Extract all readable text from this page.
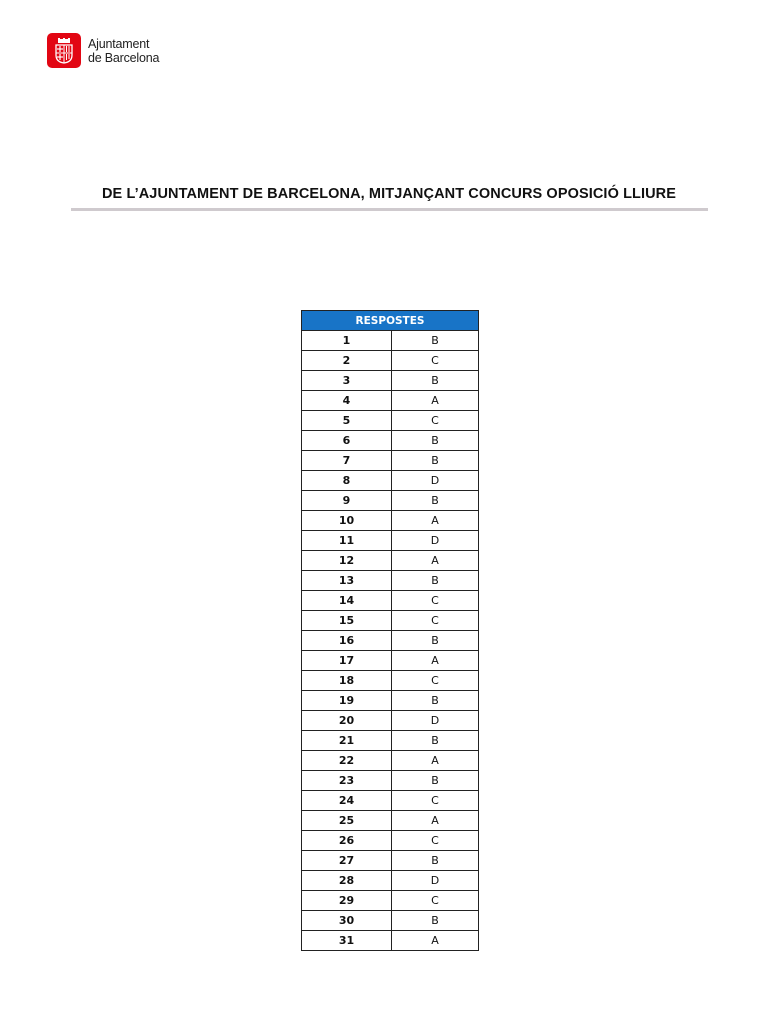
Ajuntament
de Barcelona
DE L’AJUNTAMENT DE BARCELONA, MITJANÇANT CONCURS OPOSICIÓ LLIURE
RESPOSTES	
1	B
2	C
3	B
4	A
5	C
6	B
7	B
8	D
9	B
10	A
11	D
12	A
13	B
14	C
15	C
16	B
17	A
18	C
19	B
20	D
21	B
22	A
23	B
24	C
25	A
26	C
27	B
28	D
29	C
30	B
31	A
